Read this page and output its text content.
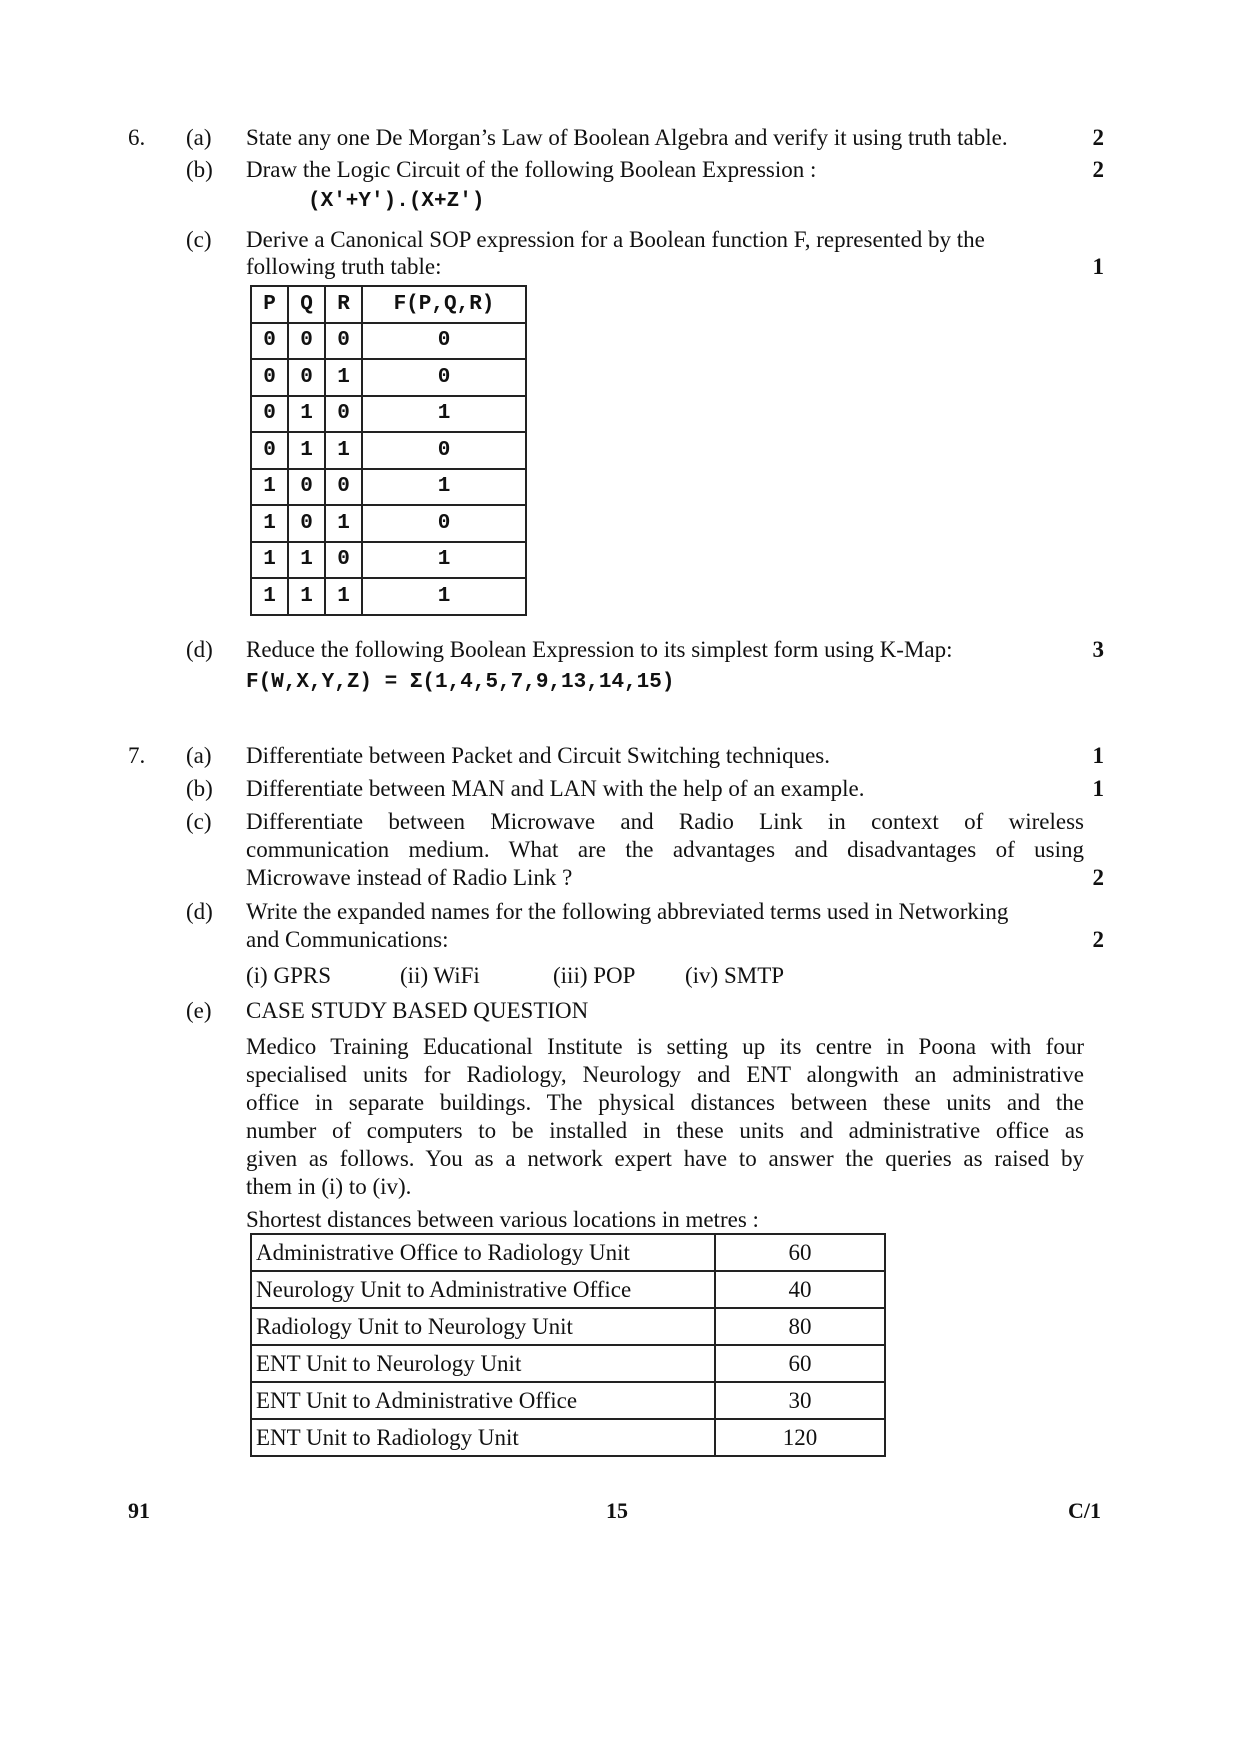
6. (a) State any one De Morgan’s Law of Boolean Algebra and verify it using truth table.	2
(b) Draw the Logic Circuit of the following Boolean Expression :	2
(X'+Y').(X+Z')
(c) Derive a Canonical SOP expression for a Boolean function F, represented by the
following truth table:	1
P	Q	R	F(P,Q,R)
0	0	0	0
0	0	1	0
0	1	0	1
0	1	1	0
1	0	0	1
1	0	1	0
1	1	0	1
1	1	1	1
(d) Reduce the following Boolean Expression to its simplest form using K-Map:	3
F(W,X,Y,Z) = Σ(1,4,5,7,9,13,14,15)
7. (a) Differentiate between Packet and Circuit Switching techniques.	1
(b) Differentiate between MAN and LAN with the help of an example.	1
(c) Differentiate between Microwave and Radio Link in context of wireless
communication medium. What are the advantages and disadvantages of using
Microwave instead of Radio Link ?	2
(d) Write the expanded names for the following abbreviated terms used in Networking
and Communications:	2
(i) GPRS	(ii) WiFi	(iii) POP (iv) SMTP
(e) CASE STUDY BASED QUESTION
Medico Training Educational Institute is setting up its centre in Poona with four
specialised units for Radiology, Neurology and ENT alongwith an administrative
office in separate buildings. The physical distances between these units and the
number of computers to be installed in these units and administrative office as
given as follows. You as a network expert have to answer the queries as raised by
them in (i) to (iv).
Shortest distances between various locations in metres :
Administrative Office to Radiology Unit	60
Neurology Unit to Administrative Office	40
Radiology Unit to Neurology Unit	80
ENT Unit to Neurology Unit	60
ENT Unit to Administrative Office	30
ENT Unit to Radiology Unit	120
91	15	C/1
